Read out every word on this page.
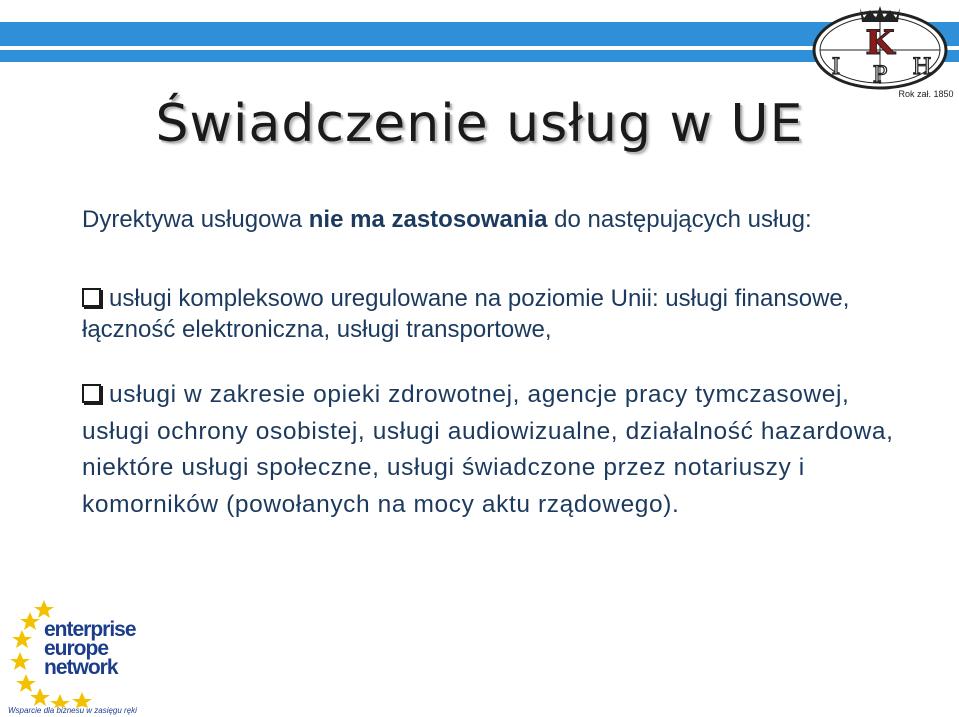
K
I P H
Rok zał. 1850
Świadczenie usług w UE

Dyrektywa usługowa nie ma zastosowania do następujących usług:

usługi kompleksowo uregulowane na poziomie Unii: usługi finansowe, łączność elektroniczna, usługi transportowe,

usługi w zakresie opieki zdrowotnej, agencje pracy tymczasowej, usługi ochrony osobistej, usługi audiowizualne, działalność hazardowa, niektóre usługi społeczne, usługi świadczone przez notariuszy i komorników (powołanych na mocy aktu rządowego).

enterprise
europe
network
Wsparcie dla biznesu w zasięgu ręki
